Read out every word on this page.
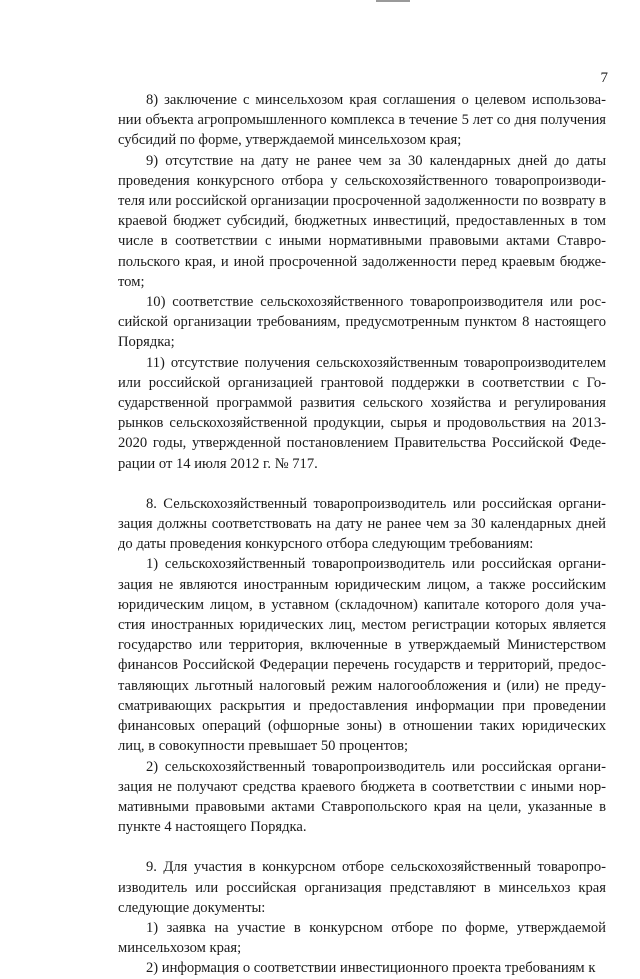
7

8) заключение с минсельхозом края соглашения о целевом использовании объекта агропромышленного комплекса в течение 5 лет со дня получения субсидий по форме, утверждаемой минсельхозом края;

9) отсутствие на дату не ранее чем за 30 календарных дней до даты проведения конкурсного отбора у сельскохозяйственного товаропроизводителя или российской организации просроченной задолженности по возврату в краевой бюджет субсидий, бюджетных инвестиций, предоставленных в том числе в соответствии с иными нормативными правовыми актами Ставропольского края, и иной просроченной задолженности перед краевым бюджетом;

10) соответствие сельскохозяйственного товаропроизводителя или российской организации требованиям, предусмотренным пунктом 8 настоящего Порядка;

11) отсутствие получения сельскохозяйственным товаропроизводителем или российской организацией грантовой поддержки в соответствии с Государственной программой развития сельского хозяйства и регулирования рынков сельскохозяйственной продукции, сырья и продовольствия на 2013-2020 годы, утвержденной постановлением Правительства Российской Федерации от 14 июля 2012 г. № 717.

8. Сельскохозяйственный товаропроизводитель или российская организация должны соответствовать на дату не ранее чем за 30 календарных дней до даты проведения конкурсного отбора следующим требованиям:

1) сельскохозяйственный товаропроизводитель или российская организация не являются иностранным юридическим лицом, а также российским юридическим лицом, в уставном (складочном) капитале которого доля участия иностранных юридических лиц, местом регистрации которых является государство или территория, включенные в утверждаемый Министерством финансов Российской Федерации перечень государств и территорий, предоставляющих льготный налоговый режим налогообложения и (или) не предусматривающих раскрытия и предоставления информации при проведении финансовых операций (офшорные зоны) в отношении таких юридических лиц, в совокупности превышает 50 процентов;

2) сельскохозяйственный товаропроизводитель или российская организация не получают средства краевого бюджета в соответствии с иными нормативными правовыми актами Ставропольского края на цели, указанные в пункте 4 настоящего Порядка.

9. Для участия в конкурсном отборе сельскохозяйственный товаропроизводитель или российская организация представляют в минсельхоз края следующие документы:

1) заявка на участие в конкурсном отборе по форме, утверждаемой минсельхозом края;

2) информация о соответствии инвестиционного проекта требованиям к
